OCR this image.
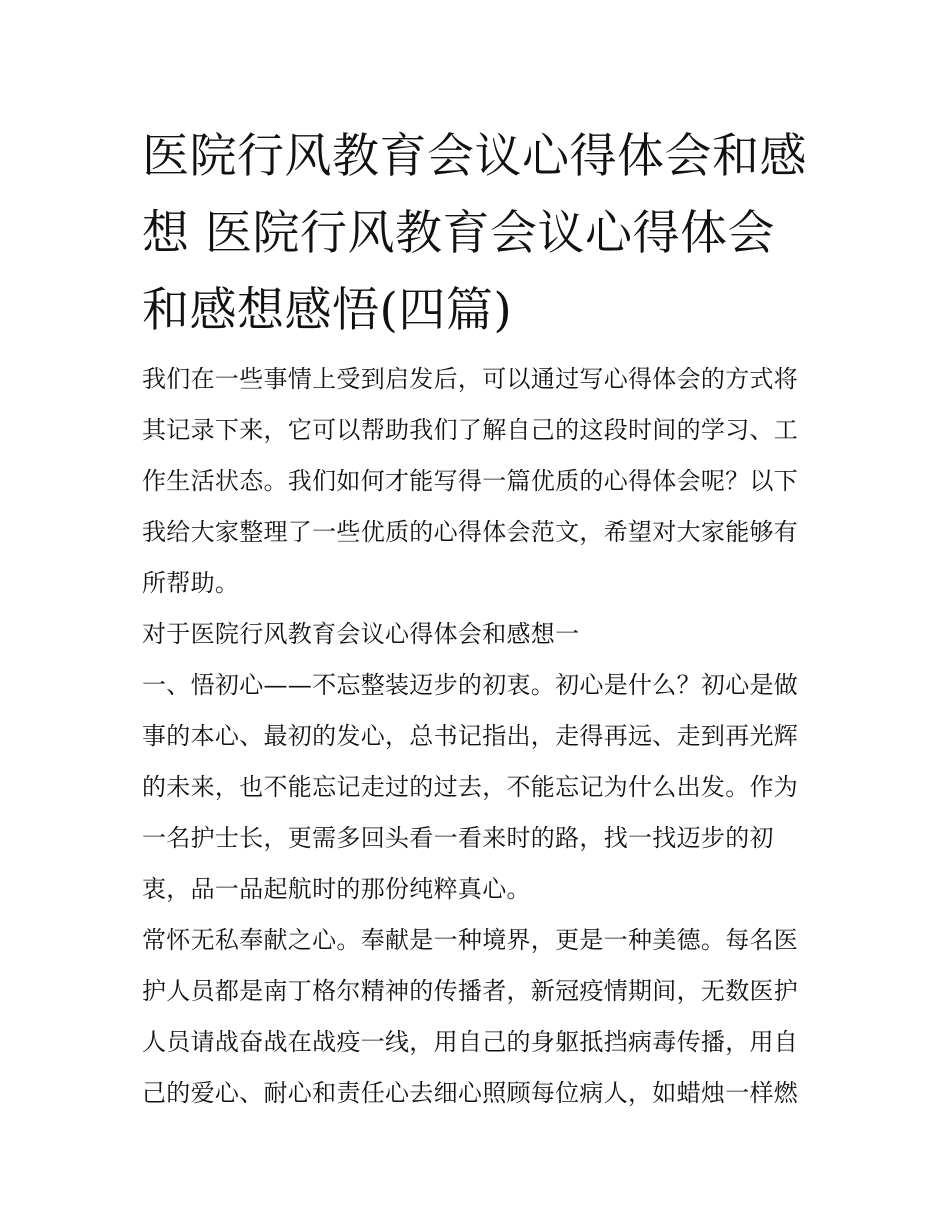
医院行风教育会议心得体会和感想 医院行风教育会议心得体会和感想感悟(四篇)

我们在一些事情上受到启发后，可以通过写心得体会的方式将其记录下来，它可以帮助我们了解自己的这段时间的学习、工作生活状态。我们如何才能写得一篇优质的心得体会呢？以下我给大家整理了一些优质的心得体会范文，希望对大家能够有所帮助。

对于医院行风教育会议心得体会和感想一

一、悟初心——不忘整装迈步的初衷。初心是什么？初心是做事的本心、最初的发心，总书记指出，走得再远、走到再光辉的未来，也不能忘记走过的过去，不能忘记为什么出发。作为一名护士长，更需多回头看一看来时的路，找一找迈步的初衷，品一品起航时的那份纯粹真心。

常怀无私奉献之心。奉献是一种境界，更是一种美德。每名医护人员都是南丁格尔精神的传播者，新冠疫情期间，无数医护人员请战奋战在战疫一线，用自己的身躯抵挡病毒传播，用自己的爱心、耐心和责任心去细心照顾每位病人，如蜡烛一样燃
